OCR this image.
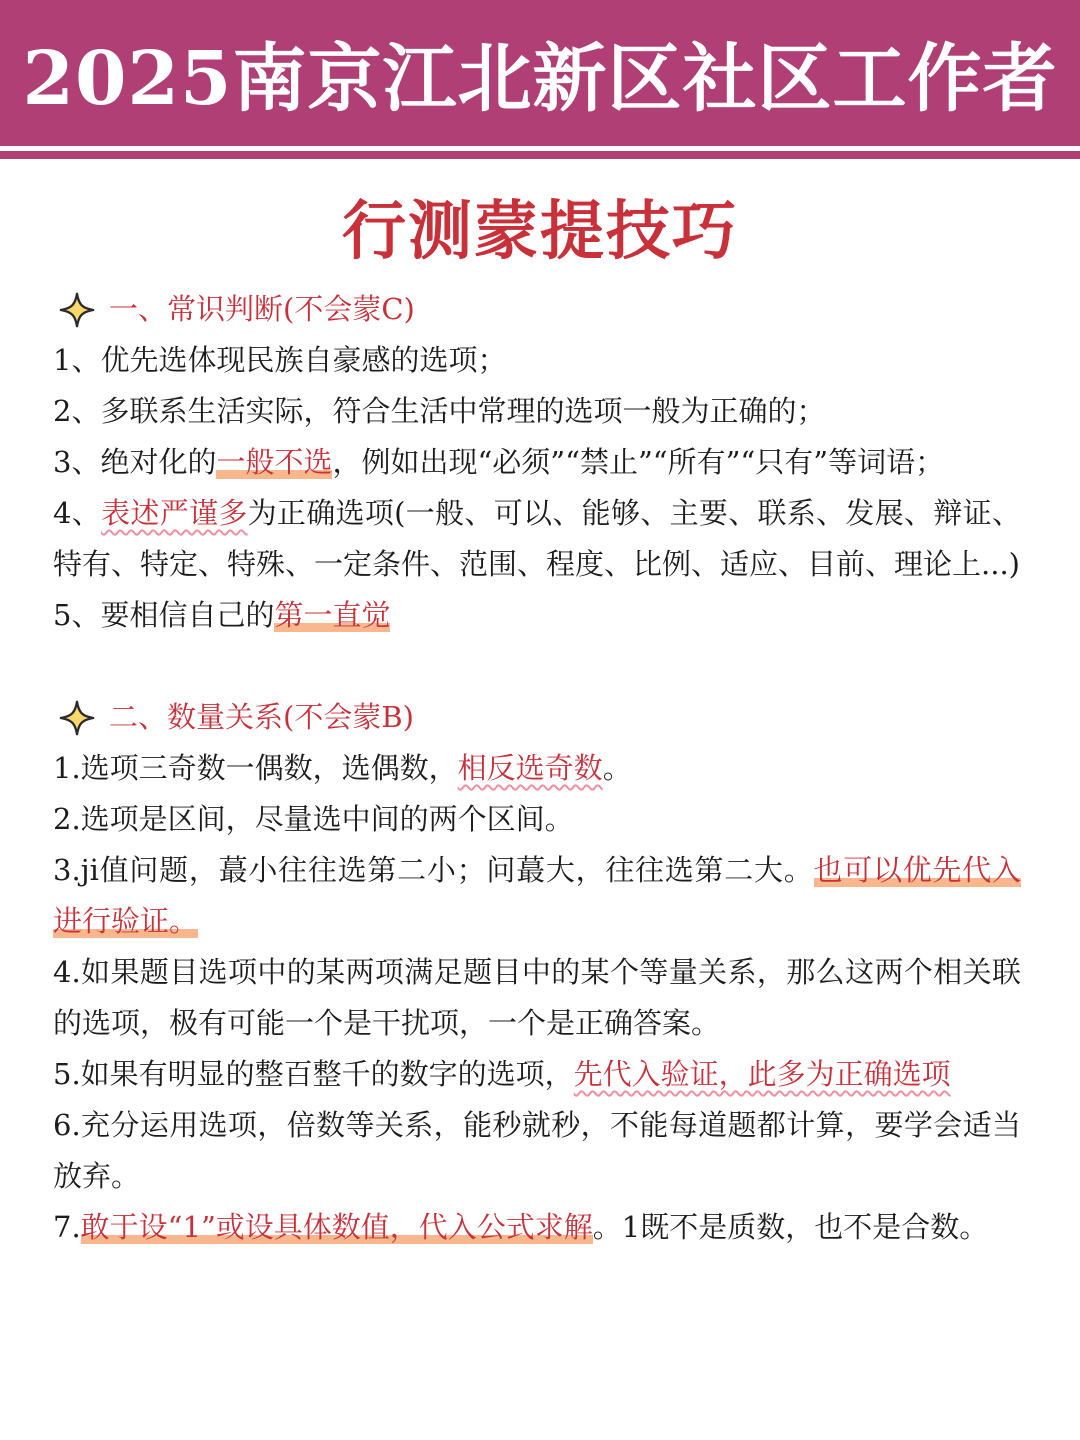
2025南京江北新区社区工作者
行测蒙提技巧
一、常识判断(不会蒙C)

1、优先选体现民族自豪感的选项；

2、多联系生活实际，符合生活中常理的选项一般为正确的；

3、绝对化的一般不选，例如出现“必须”“禁止”“所有”“只有”等词语；

4、表述严谨多为正确选项(一般、可以、能够、主要、联系、发展、辩证、特有、特定、特殊、一定条件、范围、程度、比例、适应、目前、理论上...)

5、要相信自己的第一直觉

二、数量关系(不会蒙B)

1.选项三奇数一偶数，选偶数，相反选奇数。

2.选项是区间，尽量选中间的两个区间。

3.ji值问题，蕞小往往选第二小；问蕞大，往往选第二大。也可以优先代入进行验证。

4.如果题目选项中的某两项满足题目中的某个等量关系，那么这两个相关联的选项，极有可能一个是干扰项，一个是正确答案。

5.如果有明显的整百整千的数字的选项，先代入验证，此多为正确选项

6.充分运用选项，倍数等关系，能秒就秒，不能每道题都计算，要学会适当放弃。

7.敢于设“1”或设具体数值，代入公式求解。1既不是质数，也不是合数。
